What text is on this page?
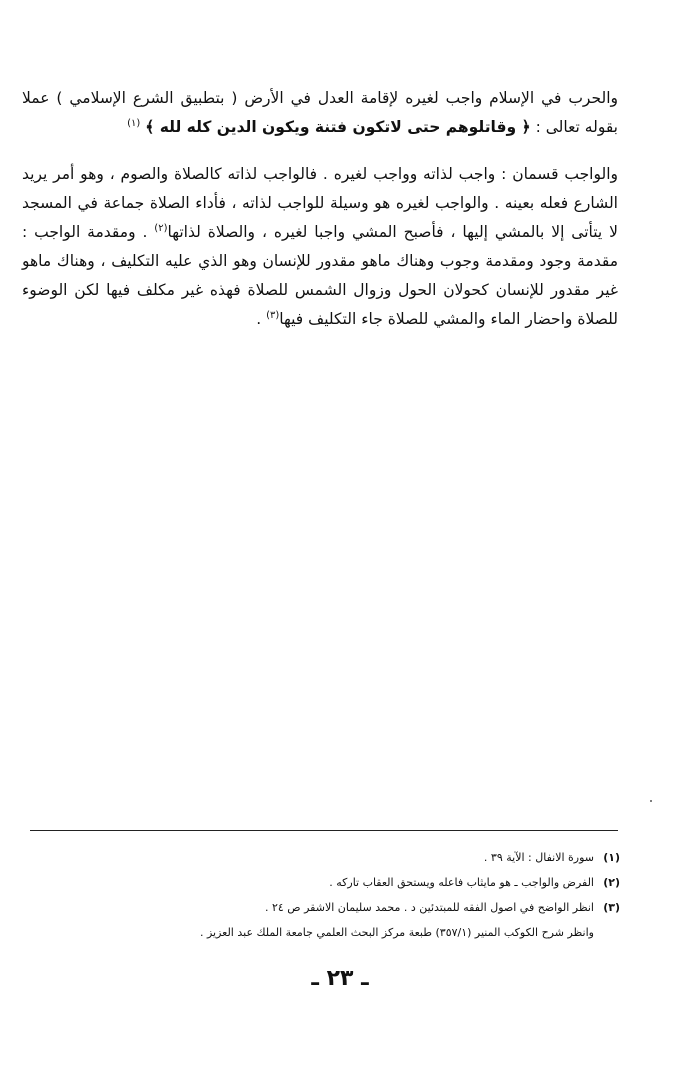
والحرب في الإسلام واجب لغيره لإقامة العدل في الأرض ( بتطبيق الشرع الإسلامي ) عملا بقوله تعالى : ﴿ وقاتلوهم حتى لاتكون فتنة ويكون الدين كله لله ﴾ $^{(١)}$

والواجب قسمان : واجب لذاته وواجب لغيره . فالواجب لذاته كالصلاة والصوم ، وهو أمر يريد الشارع فعله بعينه . والواجب لغيره هو وسيلة للواجب لذاته ، فأداء الصلاة جماعة في المسجد لا يتأتى إلا بالمشي إليها ، فأصبح المشي واجبا لغيره ، والصلاة لذاتها$^{(٢)}$ . ومقدمة الواجب : مقدمة وجود ومقدمة وجوب وهناك ماهو مقدور للإنسان وهو الذي عليه التكليف ، وهناك ماهو غير مقدور للإنسان كحولان الحول وزوال الشمس للصلاة فهذه غير مكلف فيها لكن الوضوء للصلاة واحضار الماء والمشي للصلاة جاء التكليف فيها$^{(٣)}$ .

(١)سورة الانفال : الآية ٣٩ .
(٢)الفرض والواجب ـ هو مايثاب فاعله ويستحق العقاب تاركه .
(٣)انظر الواضح في اصول الفقه للمبتدئين د . محمد سليمان الاشقر ص ٢٤ .
وانظر شرح الكوكب المنير (٣٥٧/١) طبعة مركز البحث العلمي جامعة الملك عبد العزيز .
ـ ٢٣ ـ
